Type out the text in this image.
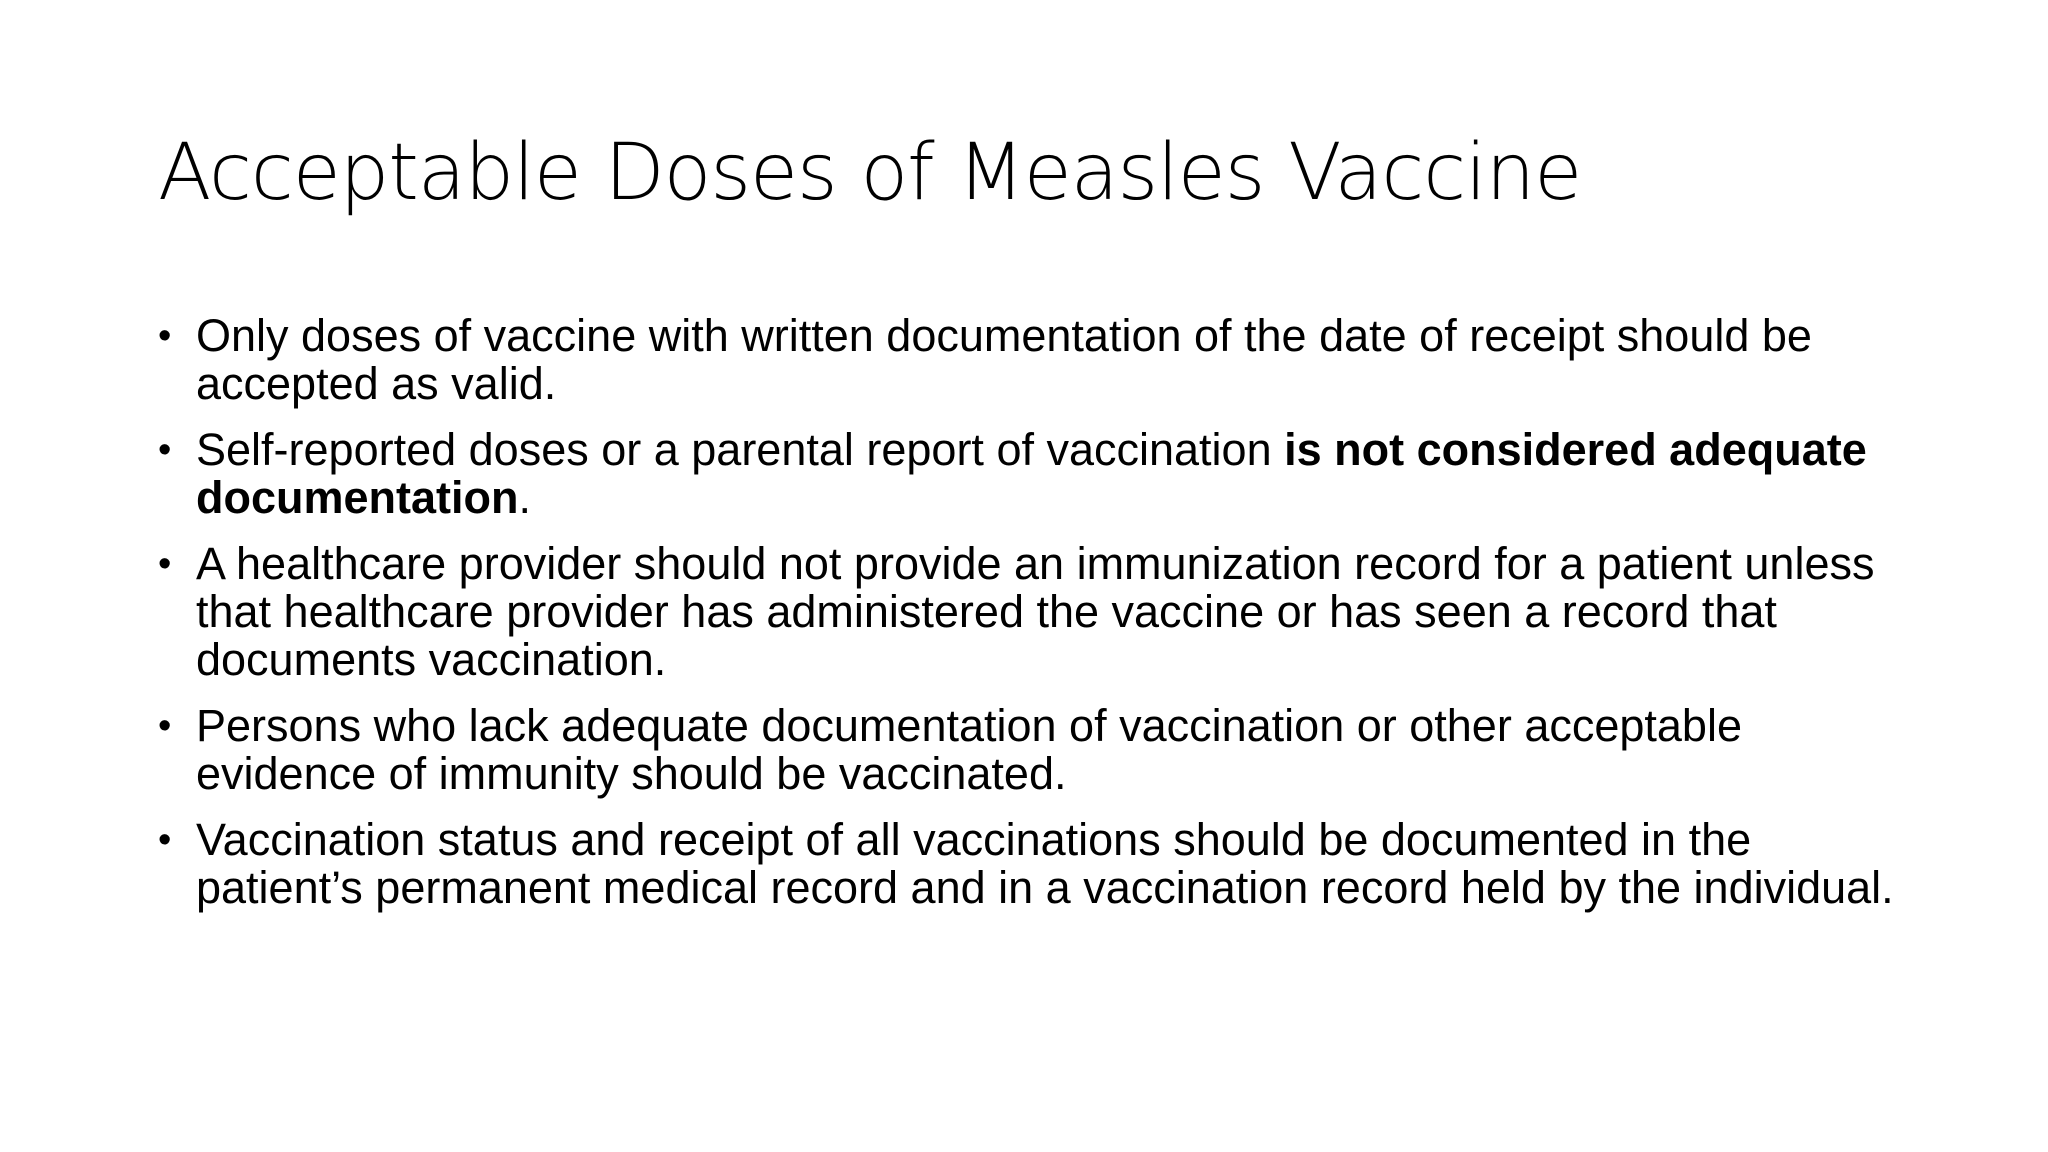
Acceptable Doses of Measles Vaccine
• Only doses of vaccine with written documentation of the date of receipt should be accepted as valid.
• Self-reported doses or a parental report of vaccination is not considered adequate documentation.
• A healthcare provider should not provide an immunization record for a patient unless that healthcare provider has administered the vaccine or has seen a record that documents vaccination.
• Persons who lack adequate documentation of vaccination or other acceptable evidence of immunity should be vaccinated.
• Vaccination status and receipt of all vaccinations should be documented in the patient’s permanent medical record and in a vaccination record held by the individual.
